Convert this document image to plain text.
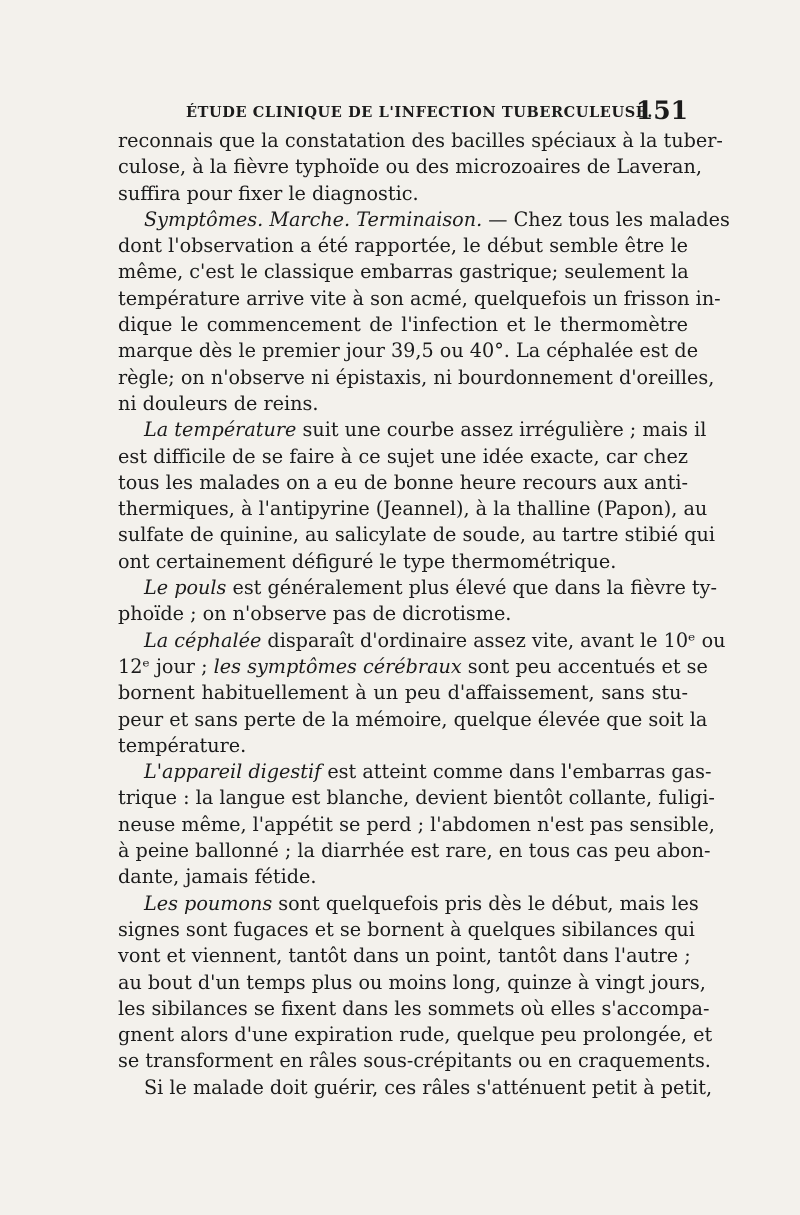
ÉTUDE CLINIQUE DE L'INFECTION TUBERCULEUSE.
151
reconnais que la constatation des bacilles spéciaux à la tuber-
culose, à la fièvre typhoïde ou des microzoaires de Laveran,
suffira pour fixer le diagnostic.
Symptômes. Marche. Terminaison. — Chez tous les malades
dont l'observation a été rapportée, le début semble être le
même, c'est le classique embarras gastrique; seulement la
température arrive vite à son acmé, quelquefois un frisson in-
dique le commencement de l'infection et le thermomètre
marque dès le premier jour 39,5 ou 40°. La céphalée est de
règle; on n'observe ni épistaxis, ni bourdonnement d'oreilles,
ni douleurs de reins.
La température suit une courbe assez irrégulière ; mais il
est difficile de se faire à ce sujet une idée exacte, car chez
tous les malades on a eu de bonne heure recours aux anti-
thermiques, à l'antipyrine (Jeannel), à la thalline (Papon), au
sulfate de quinine, au salicylate de soude, au tartre stibié qui
ont certainement défiguré le type thermométrique.
Le pouls est généralement plus élevé que dans la fièvre ty-
phoïde ; on n'observe pas de dicrotisme.
La céphalée disparaît d'ordinaire assez vite, avant le 10ᵉ ou
12ᵉ jour ; les symptômes cérébraux sont peu accentués et se
bornent habituellement à un peu d'affaissement, sans stu-
peur et sans perte de la mémoire, quelque élevée que soit la
température.
L'appareil digestif est atteint comme dans l'embarras gas-
trique : la langue est blanche, devient bientôt collante, fuligi-
neuse même, l'appétit se perd ; l'abdomen n'est pas sensible,
à peine ballonné ; la diarrhée est rare, en tous cas peu abon-
dante, jamais fétide.
Les poumons sont quelquefois pris dès le début, mais les
signes sont fugaces et se bornent à quelques sibilances qui
vont et viennent, tantôt dans un point, tantôt dans l'autre ;
au bout d'un temps plus ou moins long, quinze à vingt jours,
les sibilances se fixent dans les sommets où elles s'accompa-
gnent alors d'une expiration rude, quelque peu prolongée, et
se transforment en râles sous-crépitants ou en craquements.
Si le malade doit guérir, ces râles s'atténuent petit à petit,
